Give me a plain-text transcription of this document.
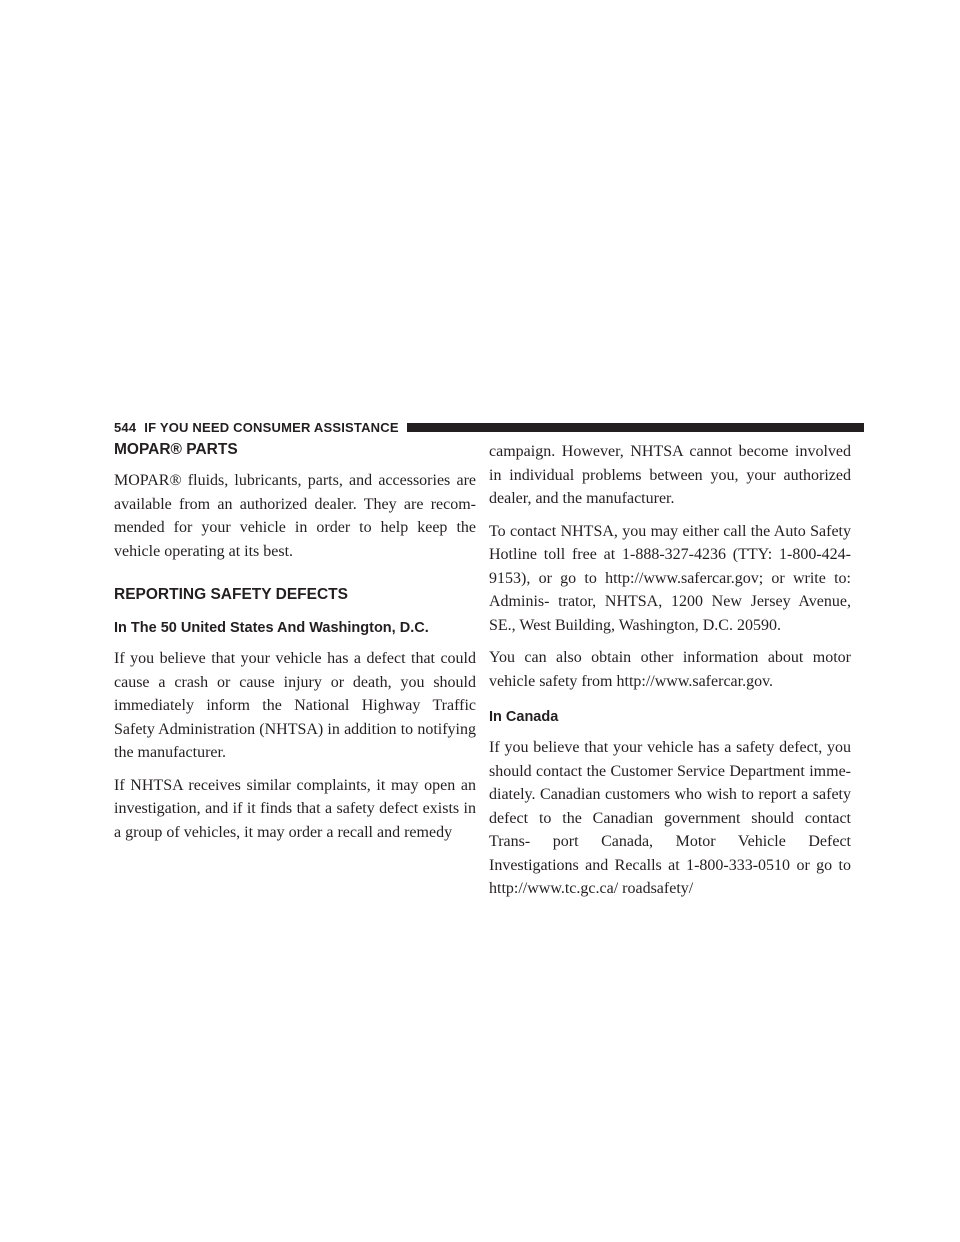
544 IF YOU NEED CONSUMER ASSISTANCE
MOPAR® PARTS

MOPAR® fluids, lubricants, parts, and accessories are available from an authorized dealer. They are recom- mended for your vehicle in order to help keep the vehicle operating at its best.

REPORTING SAFETY DEFECTS
In The 50 United States And Washington, D.C.

If you believe that your vehicle has a defect that could cause a crash or cause injury or death, you should immediately inform the National Highway Traffic Safety Administration (NHTSA) in addition to notifying the manufacturer.

If NHTSA receives similar complaints, it may open an investigation, and if it finds that a safety defect exists in a group of vehicles, it may order a recall and remedy

campaign. However, NHTSA cannot become involved in individual problems between you, your authorized dealer, and the manufacturer.

To contact NHTSA, you may either call the Auto Safety Hotline toll free at 1-888-327-4236 (TTY: 1-800-424- 9153), or go to http://www.safercar.gov; or write to: Adminis- trator, NHTSA, 1200 New Jersey Avenue, SE., West Building, Washington, D.C. 20590.

You can also obtain other information about motor vehicle safety from http://www.safercar.gov.

In Canada

If you believe that your vehicle has a safety defect, you should contact the Customer Service Department imme- diately. Canadian customers who wish to report a safety defect to the Canadian government should contact Trans- port Canada, Motor Vehicle Defect Investigations and Recalls at 1-800-333-0510 or go to http://www.tc.gc.ca/ roadsafety/
